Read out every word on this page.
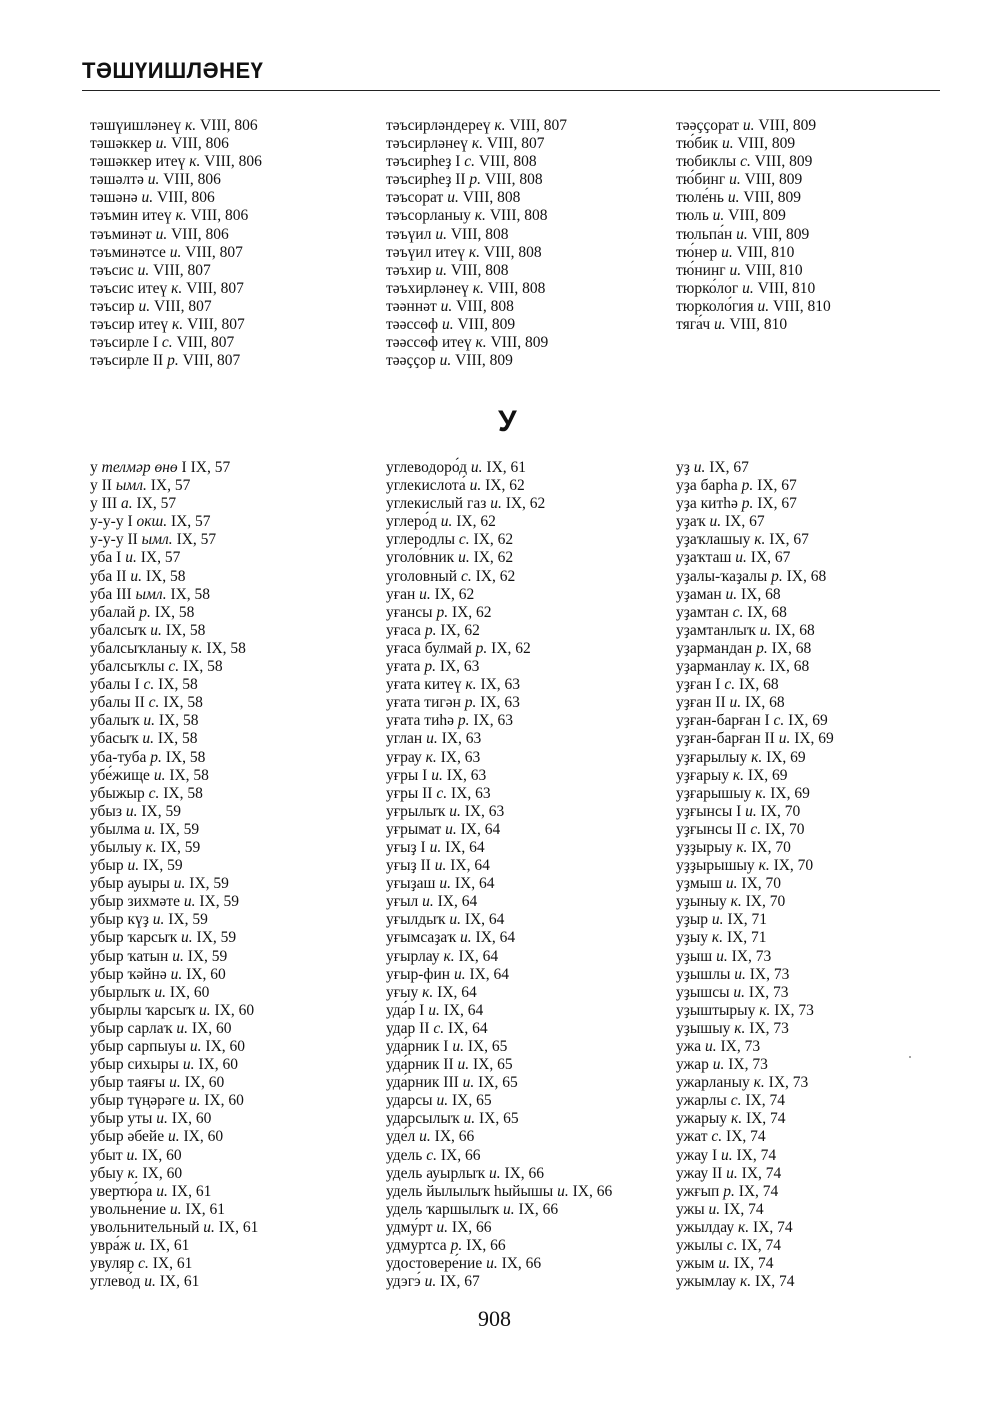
ТӘШҮИШЛӘНЕҮ
тәшүишләнеү к. VIII, 806
тәшәккер и. VIII, 806
тәшәккер итеү к. VIII, 806
тәшәлтә и. VIII, 806
тәшәнә и. VIII, 806
тәъмин итеү к. VIII, 806
тәъминәт и. VIII, 806
тәъминәтсе и. VIII, 807
тәъсис и. VIII, 807
тәъсис итеү к. VIII, 807
тәъсир и. VIII, 807
тәъсир итеү к. VIII, 807
тәъсирле I с. VIII, 807
тәъсирле II р. VIII, 807
тәъсирләндереү к. VIII, 807
тәъсирләнеү к. VIII, 807
тәъсирһеҙ I с. VIII, 808
тәъсирһеҙ II р. VIII, 808
тәъсорат и. VIII, 808
тәъсорланыу к. VIII, 808
тәъүил и. VIII, 808
тәъүил итеү к. VIII, 808
тәъхир и. VIII, 808
тәъхирләнеү к. VIII, 808
тәәннәт и. VIII, 808
тәәссөф и. VIII, 809
тәәссөф итеү к. VIII, 809
тәәҫҫор и. VIII, 809
тәәҫҫорат и. VIII, 809
тю́бик и. VIII, 809
тюбиклы с. VIII, 809
тю́бинг и. VIII, 809
тюле́нь и. VIII, 809
тюль и. VIII, 809
тюльпа́н и. VIII, 809
тю́нер и. VIII, 810
тю́нинг и. VIII, 810
тюрко́лог и. VIII, 810
тюрколо́гия и. VIII, 810
тяга́ч и. VIII, 810
У
у телмәр өнө I IX, 57
у II ымл. IX, 57
у III а. IX, 57
у-у-у I окш. IX, 57
у-у-у II ымл. IX, 57
уба I и. IX, 57
уба II и. IX, 58
уба III ымл. IX, 58
убалай р. IX, 58
убалсыҡ и. IX, 58
убалсыҡланыу к. IX, 58
убалсыҡлы с. IX, 58
убалы I с. IX, 58
убалы II с. IX, 58
убалыҡ и. IX, 58
убасыҡ и. IX, 58
уба-туба р. IX, 58
убе́жище и. IX, 58
убыжыр с. IX, 58
убыз и. IX, 59
убылма и. IX, 59
убылыу к. IX, 59
убыр и. IX, 59
убыр ауыры и. IX, 59
убыр зихмәте и. IX, 59
убыр күҙ и. IX, 59
убыр ҡарсыҡ и. IX, 59
убыр ҡатын и. IX, 59
убыр ҡәйнә и. IX, 60
убырлыҡ и. IX, 60
убырлы ҡарсыҡ и. IX, 60
убыр сарлаҡ и. IX, 60
убыр сарпыуы и. IX, 60
убыр сихыры и. IX, 60
убыр таяғы и. IX, 60
убыр түңәрәге и. IX, 60
убыр уты и. IX, 60
убыр әбейе и. IX, 60
убыт и. IX, 60
убыу к. IX, 60
увертю́ра и. IX, 61
увольне́ние и. IX, 61
увольнительный и. IX, 61
увра́ж и. IX, 61
увуляр с. IX, 61
углево́д и. IX, 61
углеводоро́д и. IX, 61
углекислота́ и. IX, 62
углекислый газ и. IX, 62
углеро́д и. IX, 62
углеродлы с. IX, 62
уголо́вник и. IX, 62
уголовный с. IX, 62
уған и. IX, 62
уғансы р. IX, 62
уғаса р. IX, 62
уғаса булмай р. IX, 62
уғата р. IX, 63
уғата китеү к. IX, 63
уғата тигән р. IX, 63
уғата тиһә р. IX, 63
углан и. IX, 63
уғрау к. IX, 63
уғры I и. IX, 63
уғры II с. IX, 63
уғрылыҡ и. IX, 63
уғрымат и. IX, 64
уғыҙ I и. IX, 64
уғыҙ II и. IX, 64
уғыҙаш и. IX, 64
уғыл и. IX, 64
уғылдыҡ и. IX, 64
уғымсаҙаҡ и. IX, 64
уғырлау к. IX, 64
уғыр-фин и. IX, 64
уғыу к. IX, 64
уда́р I и. IX, 64
удар II с. IX, 64
уда́рник I и. IX, 65
уда́рник II и. IX, 65
уда́рник III и. IX, 65
ударсы и. IX, 65
ударсылыҡ и. IX, 65
уде́л и. IX, 66
удель с. IX, 66
удель ауырлыҡ и. IX, 66
удель йылылыҡ һыйышы и. IX, 66
удель ҡаршылыҡ и. IX, 66
удму́рт и. IX, 66
удмуртса р. IX, 66
удостовере́ние и. IX, 66
удэгэ́ и. IX, 67
уҙ и. IX, 67
уҙа барһа р. IX, 67
уҙа китһә р. IX, 67
уҙаҡ и. IX, 67
уҙаҡлашыу к. IX, 67
уҙаҡташ и. IX, 67
уҙалы-ҡаҙалы р. IX, 68
уҙаман и. IX, 68
уҙамтан с. IX, 68
уҙамтанлыҡ и. IX, 68
уҙармандан р. IX, 68
уҙарманлау к. IX, 68
уҙған I с. IX, 68
уҙған II и. IX, 68
уҙған-барған I с. IX, 69
уҙған-барған II и. IX, 69
уҙғарылыу к. IX, 69
уҙғарыу к. IX, 69
уҙғарышыу к. IX, 69
уҙғынсы I и. IX, 70
уҙғынсы II с. IX, 70
уҙҙырыу к. IX, 70
уҙҙырышыу к. IX, 70
уҙмыш и. IX, 70
уҙыныу к. IX, 70
уҙыр и. IX, 71
уҙыу к. IX, 71
уҙыш и. IX, 73
уҙышлы и. IX, 73
уҙышсы и. IX, 73
уҙыштырыу к. IX, 73
уҙышыу к. IX, 73
ужа и. IX, 73
ужар и. IX, 73
ужарланыу к. IX, 73
ужарлы с. IX, 74
ужарыу к. IX, 74
ужат с. IX, 74
ужау I и. IX, 74
ужау II и. IX, 74
ужғып р. IX, 74
ужы и. IX, 74
ужылдау к. IX, 74
ужылы с. IX, 74
ужым и. IX, 74
ужымлау к. IX, 74
908
